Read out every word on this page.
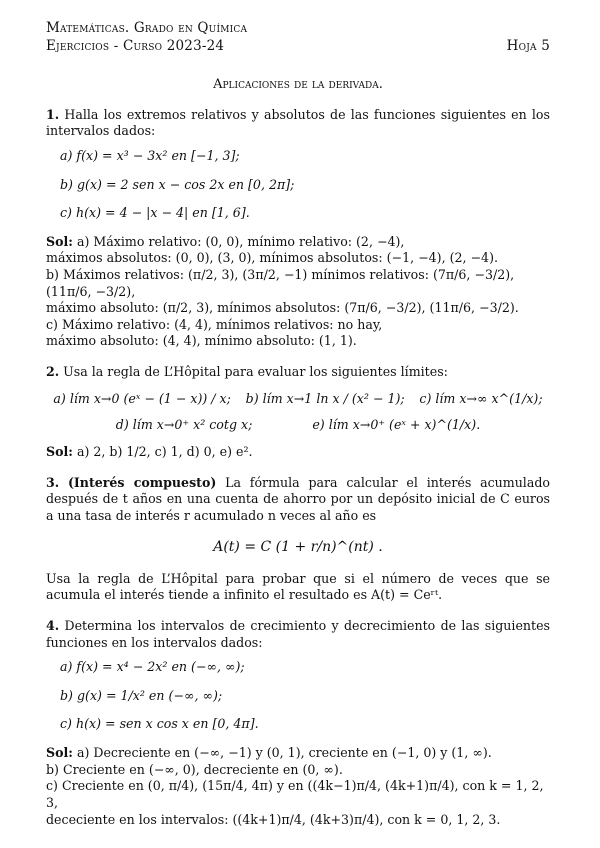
Matemáticas. Grado en Química
Ejercicios - Curso 2023-24	Hoja 5
Aplicaciones de la derivada.
1. Halla los extremos relativos y absolutos de las funciones siguientes en los intervalos dados:
a) f(x) = x³ − 3x² en [−1, 3];
b) g(x) = 2 sen x − cos 2x en [0, 2π];
c) h(x) = 4 − |x − 4| en [1, 6].
Sol: a) Máximo relativo: (0, 0), mínimo relativo: (2, −4),
máximos absolutos: (0, 0), (3, 0), mínimos absolutos: (−1, −4), (2, −4).
b) Máximos relativos: (π/2, 3), (3π/2, −1) mínimos relativos: (7π/6, −3/2), (11π/6, −3/2),
máximo absoluto: (π/2, 3), mínimos absolutos: (7π/6, −3/2), (11π/6, −3/2).
c) Máximo relativo: (4, 4), mínimos relativos: no hay,
máximo absoluto: (4, 4), mínimo absoluto: (1, 1).
2. Usa la regla de L’Hôpital para evaluar los siguientes límites:
a) lím x→0 (eˣ − (1 − x)) / x; b) lím x→1 ln x / (x² − 1); c) lím x→∞ x^(1/x);
d) lím x→0⁺ x² cotg x;	e) lím x→0⁺ (eˣ + x)^(1/x).
Sol: a) 2, b) 1/2, c) 1, d) 0, e) e².
3. (Interés compuesto) La fórmula para calcular el interés acumulado después de t años en una cuenta de ahorro por un depósito inicial de C euros a una tasa de interés r acumulado n veces al año es
A(t) = C (1 + r/n)^(nt) .
Usa la regla de L’Hôpital para probar que si el número de veces que se acumula el interés tiende a infinito el resultado es A(t) = Ceʳᵗ.
4. Determina los intervalos de crecimiento y decrecimiento de las siguientes funciones en los intervalos dados:
a) f(x) = x⁴ − 2x² en (−∞, ∞);
b) g(x) = 1/x² en (−∞, ∞);
c) h(x) = sen x cos x en [0, 4π].
Sol: a) Decreciente en (−∞, −1) y (0, 1), creciente en (−1, 0) y (1, ∞).
b) Creciente en (−∞, 0), decreciente en (0, ∞).
c) Creciente en (0, π/4), (15π/4, 4π) y en ((4k−1)π/4, (4k+1)π/4), con k = 1, 2, 3,
dececiente en los intervalos: ((4k+1)π/4, (4k+3)π/4), con k = 0, 1, 2, 3.
